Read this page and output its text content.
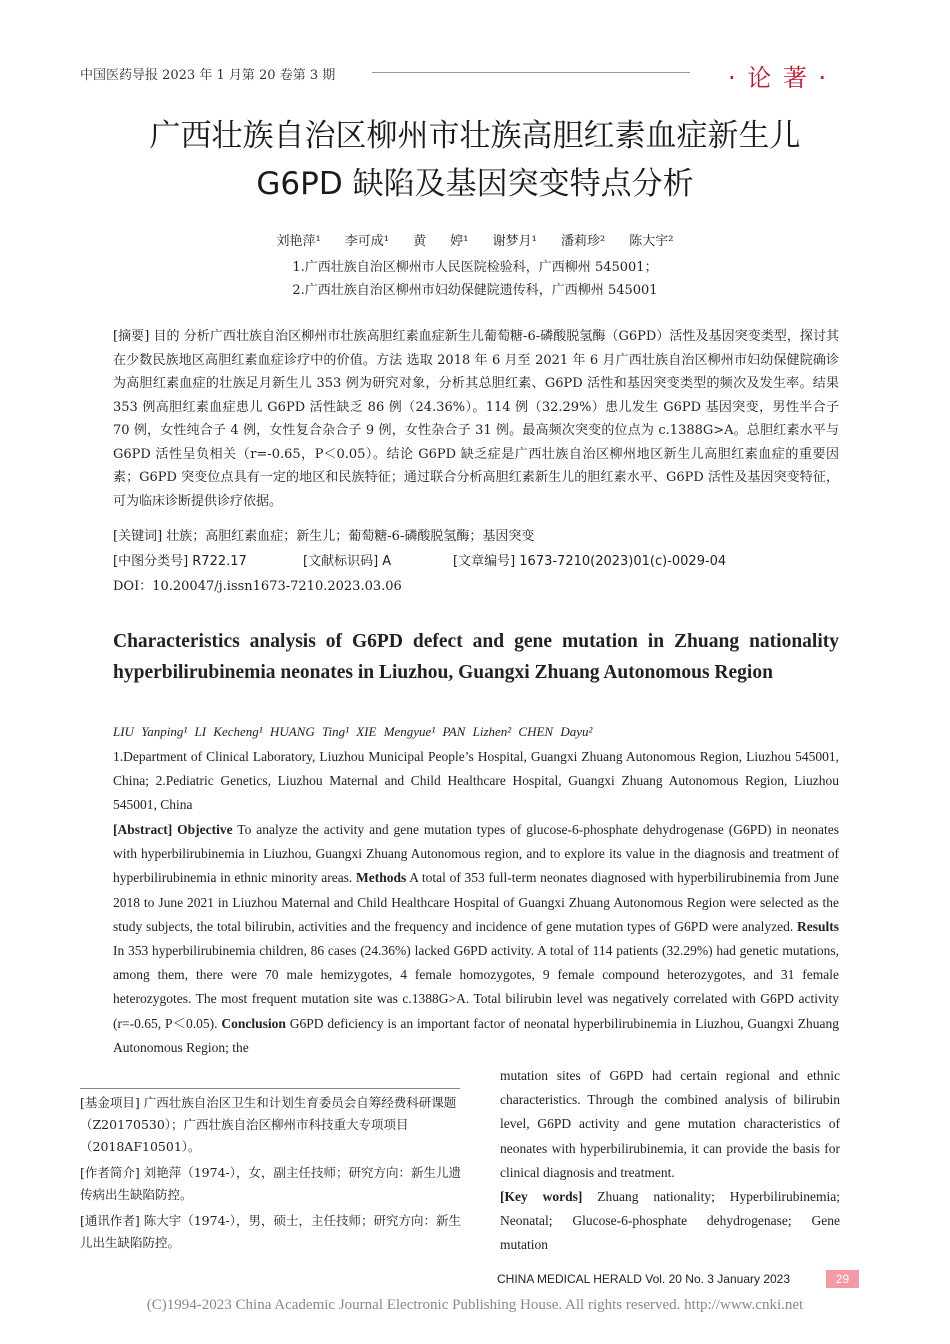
中国医药导报 2023 年 1 月第 20 卷第 3 期	· 论 著 ·
广西壮族自治区柳州市壮族高胆红素血症新生儿
G6PD 缺陷及基因突变特点分析
刘艳萍¹ 李可成¹ 黄 婷¹ 谢梦月¹ 潘莉珍² 陈大宇²
1.广西壮族自治区柳州市人民医院检验科，广西柳州 545001；
2.广西壮族自治区柳州市妇幼保健院遗传科，广西柳州 545001
[摘要] 目的 分析广西壮族自治区柳州市壮族高胆红素血症新生儿葡萄糖-6-磷酸脱氢酶（G6PD）活性及基因突变类型，探讨其在少数民族地区高胆红素血症诊疗中的价值。方法 选取 2018 年 6 月至 2021 年 6 月广西壮族自治区柳州市妇幼保健院确诊为高胆红素血症的壮族足月新生儿 353 例为研究对象，分析其总胆红素、G6PD 活性和基因突变类型的频次及发生率。结果 353 例高胆红素血症患儿 G6PD 活性缺乏 86 例（24.36%）。114 例（32.29%）患儿发生 G6PD 基因突变，男性半合子 70 例，女性纯合子 4 例，女性复合杂合子 9 例，女性杂合子 31 例。最高频次突变的位点为 c.1388G>A。总胆红素水平与 G6PD 活性呈负相关（r=-0.65，P＜0.05）。结论 G6PD 缺乏症是广西壮族自治区柳州地区新生儿高胆红素血症的重要因素；G6PD 突变位点具有一定的地区和民族特征；通过联合分析高胆红素新生儿的胆红素水平、G6PD 活性及基因突变特征，可为临床诊断提供诊疗依据。
[关键词] 壮族；高胆红素血症；新生儿；葡萄糖-6-磷酸脱氢酶；基因突变
[中图分类号] R722.17	[文献标识码] A	[文章编号] 1673-7210(2023)01(c)-0029-04
DOI：10.20047/j.issn1673-7210.2023.03.06
Characteristics analysis of G6PD defect and gene mutation in Zhuang nationality hyperbilirubinemia neonates in Liuzhou, Guangxi Zhuang Autonomous Region
LIU Yanping¹ LI Kecheng¹ HUANG Ting¹ XIE Mengyue¹ PAN Lizhen² CHEN Dayu²
1.Department of Clinical Laboratory, Liuzhou Municipal People’s Hospital, Guangxi Zhuang Autonomous Region, Liuzhou 545001, China; 2.Pediatric Genetics, Liuzhou Maternal and Child Healthcare Hospital, Guangxi Zhuang Autonomous Region, Liuzhou 545001, China
[Abstract] Objective To analyze the activity and gene mutation types of glucose-6-phosphate dehydrogenase (G6PD) in neonates with hyperbilirubinemia in Liuzhou, Guangxi Zhuang Autonomous region, and to explore its value in the diagnosis and treatment of hyperbilirubinemia in ethnic minority areas. Methods A total of 353 full-term neonates diagnosed with hyperbilirubinemia from June 2018 to June 2021 in Liuzhou Maternal and Child Healthcare Hospital of Guangxi Zhuang Autonomous Region were selected as the study subjects, the total bilirubin, activities and the frequency and incidence of gene mutation types of G6PD were analyzed. Results In 353 hyperbilirubinemia children, 86 cases (24.36%) lacked G6PD activity. A total of 114 patients (32.29%) had genetic mutations, among them, there were 70 male hemizygotes, 4 female homozygotes, 9 female compound heterozygotes, and 31 female heterozygotes. The most frequent mutation site was c.1388G>A. Total bilirubin level was negatively correlated with G6PD activity (r=-0.65, P＜0.05). Conclusion G6PD deficiency is an important factor of neonatal hyperbilirubinemia in Liuzhou, Guangxi Zhuang Autonomous Region; the
mutation sites of G6PD had certain regional and ethnic characteristics. Through the combined analysis of bilirubin level, G6PD activity and gene mutation characteristics of neonates with hyperbilirubinemia, it can provide the basis for clinical diagnosis and treatment.
[Key words] Zhuang nationality; Hyperbilirubinemia; Neonatal; Glucose-6-phosphate dehydrogenase; Gene mutation
[基金项目] 广西壮族自治区卫生和计划生育委员会自筹经费科研课题（Z20170530）；广西壮族自治区柳州市科技重大专项项目（2018AF10501）。
[作者简介] 刘艳萍（1974-），女，副主任技师；研究方向：新生儿遗传病出生缺陷防控。
[通讯作者] 陈大宇（1974-），男，硕士，主任技师；研究方向：新生儿出生缺陷防控。
CHINA MEDICAL HERALD Vol. 20 No. 3 January 2023	29
(C)1994-2023 China Academic Journal Electronic Publishing House. All rights reserved. http://www.cnki.net
